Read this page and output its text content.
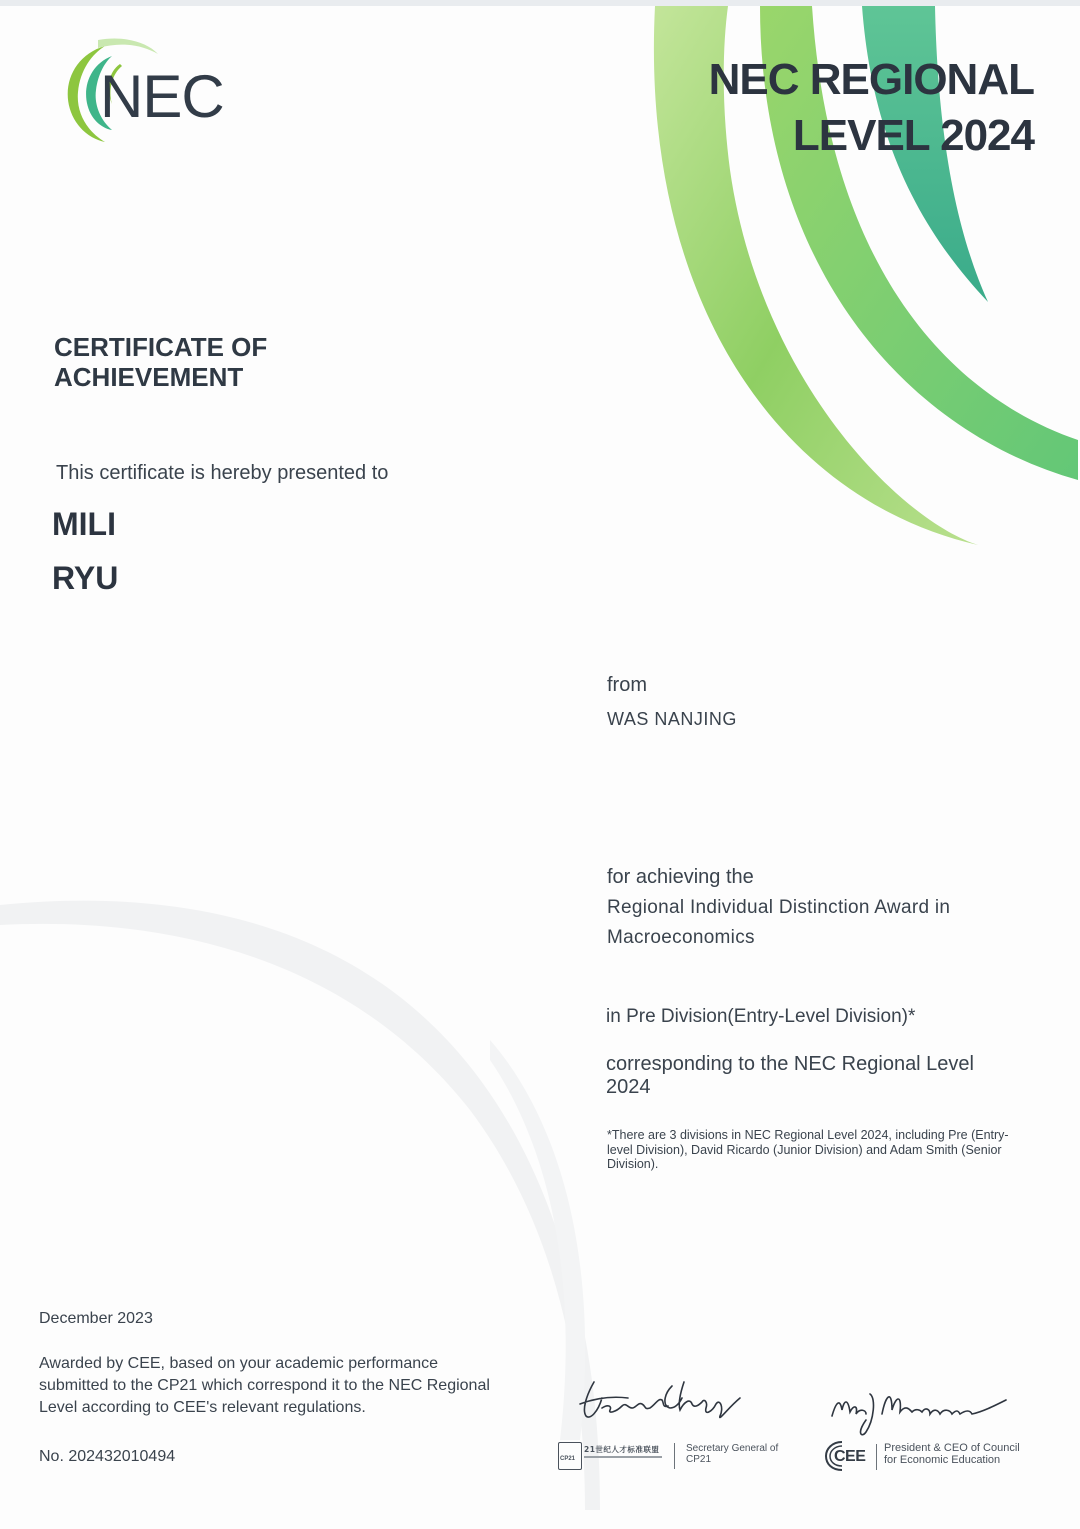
NEC	NEC REGIONAL
LEVEL 2024
CERTIFICATE OF
ACHIEVEMENT
This certificate is hereby presented to
MILI
RYU
from
WAS NANJING
for achieving the
Regional Individual Distinction Award in Macroeconomics
in Pre Division(Entry-Level Division)*
corresponding to the NEC Regional Level 2024
*There are 3 divisions in NEC Regional Level 2024, including Pre (Entry-level Division), David Ricardo (Junior Division) and Adam Smith (Senior Division).
December 2023
Awarded by CEE, based on your academic performance submitted to the CP21 which correspond it to the NEC Regional Level according to CEE's relevant regulations.
No. 202432010494	CP21
21世纪人才标准联盟	Secretary General of CP21	CEE President & CEO of Council for Economic Education
